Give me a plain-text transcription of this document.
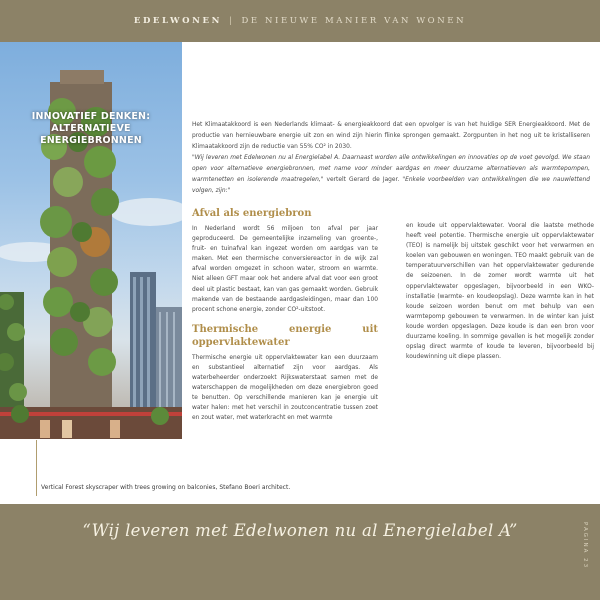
EDELWONEN | DE NIEUWE MANIER VAN WONEN
INNOVATIEF DENKEN:
ALTERNATIEVE
ENERGIEBRONNEN
Het Klimaatakkoord is een Nederlands klimaat- & energieakkoord dat een opvolger is van het huidige SER Energieakkoord. Met de productie van hernieuwbare energie uit zon en wind zijn hierin flinke sprongen gemaakt. Zorgpunten in het nog uit te kristalliseren Klimaatakkoord zijn de reductie van 55% CO² in 2030.
"Wij leveren met Edelwonen nu al Energielabel A. Daarnaast worden alle ontwikkelingen en innovaties op de voet gevolgd. We staan open voor alternatieve energiebronnen, met name voor minder aardgas en meer duurzame alternatieven als warmtepompen, warmtenetten en isolerende maatregelen," vertelt Gerard de Jager. "Enkele voorbeelden van ontwikkelingen die we nauwlettend volgen, zijn:"
Afval als energiebron

In Nederland wordt 56 miljoen ton afval per jaar geproduceerd. De gemeentelijke inzameling van groente-, fruit- en tuinafval kan ingezet worden om aardgas van te maken. Met een thermische conversiereactor in de wijk zal afval worden omgezet in schoon water, stroom en warmte. Niet alleen GFT maar ook het andere afval dat voor een groot deel uit plastic bestaat, kan van gas gemaakt worden. Gebruik makende van de bestaande aardgasleidingen, maar dan 100 procent schone energie, zonder CO²-uitstoot.

Thermische energie uit oppervlaktewater

Thermische energie uit oppervlaktewater kan een duurzaam en substantieel alternatief zijn voor aardgas. Als waterbeheerder onderzoekt Rijkswaterstaat samen met de waterschappen de mogelijkheden om deze energiebron goed te benutten. Op verschillende manieren kan je energie uit water halen: met het verschil in zoutconcentratie tussen zoet en zout water, met waterkracht en met warmte

en koude uit oppervlaktewater. Vooral die laatste methode heeft veel potentie. Thermische energie uit oppervlaktewater (TEO) is namelijk bij uitstek geschikt voor het verwarmen en koelen van gebouwen en woningen. TEO maakt gebruik van de temperatuurverschillen van het oppervlaktewater gedurende de seizoenen. In de zomer wordt warmte uit het oppervlaktewater opgeslagen, bijvoorbeeld in een WKO-installatie (warmte- en koudeopslag). Deze warmte kan in het koude seizoen worden benut om met behulp van een warmtepomp gebouwen te verwarmen. In de winter kan juist koude worden opgeslagen. Deze koude is dan een bron voor duurzame koeling. In sommige gevallen is het mogelijk zonder opslag direct warmte of koude te leveren, bijvoorbeeld bij koudewinning uit diepe plassen.

Vertical Forest skyscraper with trees growing on balconies, Stefano Boeri architect.
“Wij leveren met Edelwonen nu al Energielabel A”	PAGINA 23
